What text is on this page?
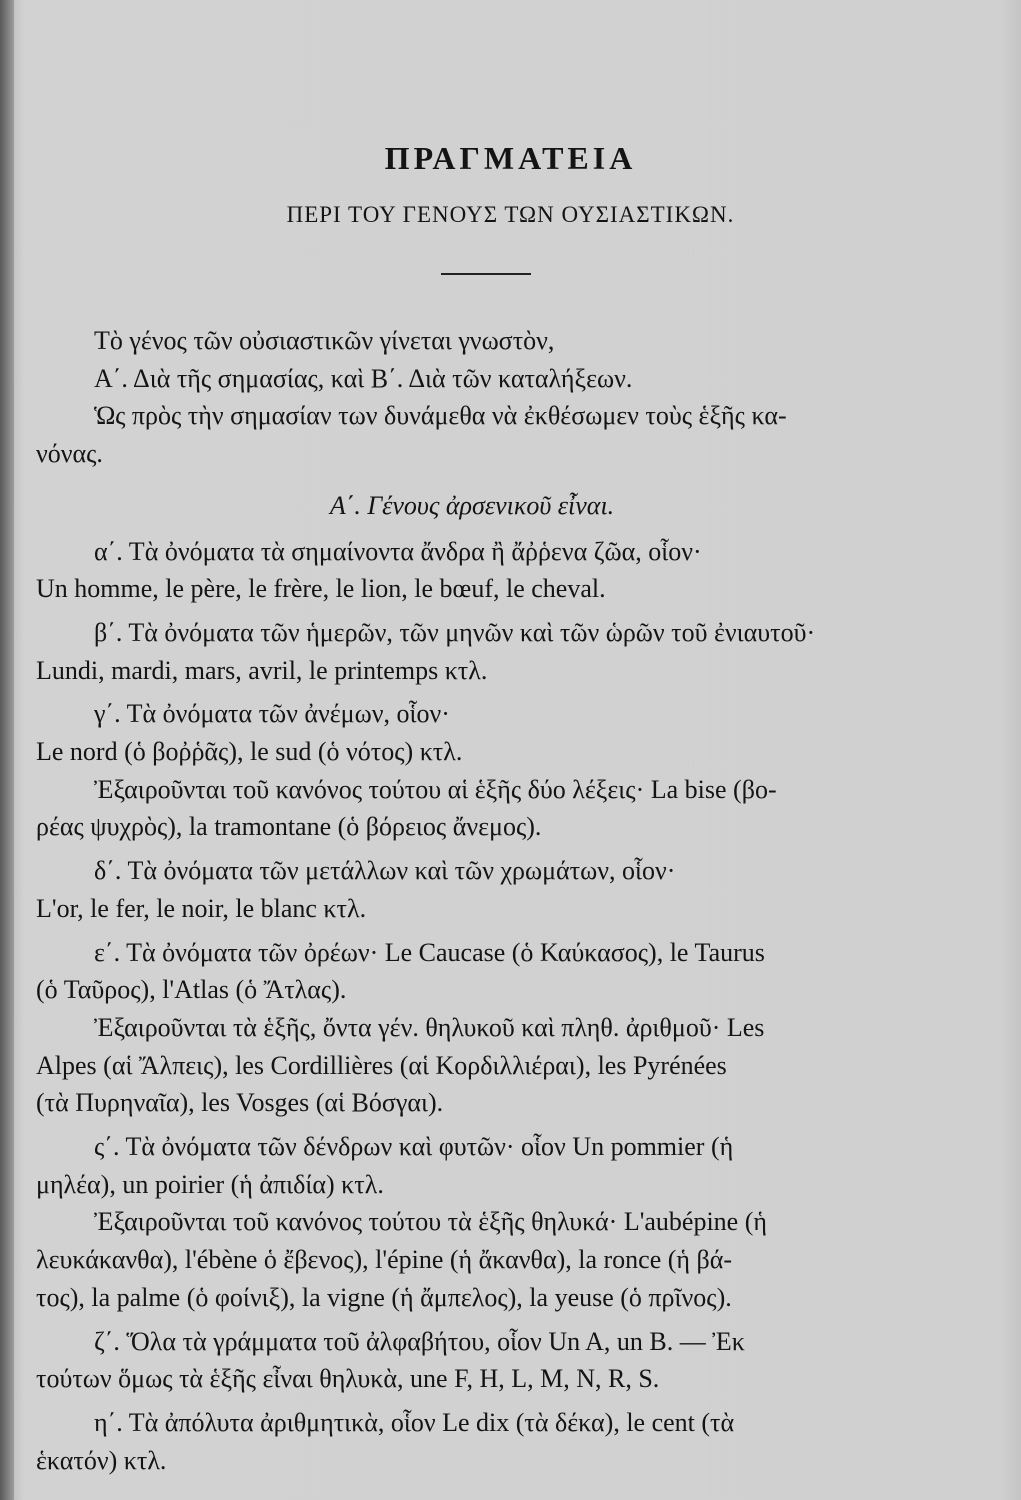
ΠΡΑΓΜΑΤΕΙΑ
ΠΕΡΙ ΤΟΥ ΓΕΝΟΥΣ ΤΩΝ ΟΥΣΙΑΣΤΙΚΩΝ.
Τὸ γένος τῶν οὐσιαστικῶν γίνεται γνωστὸν,
Α΄. Διὰ τῆς σημασίας, καὶ Β΄. Διὰ τῶν καταλήξεων.
Ὡς πρὸς τὴν σημασίαν των δυνάμεθα νὰ ἐκθέσωμεν τοὺς ἑξῆς κα-
νόνας.
Α΄. Γένους ἀρσενικοῦ εἶναι.
α΄. Τὰ ὀνόματα τὰ σημαίνοντα ἄνδρα ἢ ἄῤῥενα ζῶα, οἷον·
Un homme, le père, le frère, le lion, le bœuf, le cheval.
β΄. Τὰ ὀνόματα τῶν ἡμερῶν, τῶν μηνῶν καὶ τῶν ὡρῶν τοῦ ἐνιαυτοῦ·
Lundi, mardi, mars, avril, le printemps κτλ.
γ΄. Τὰ ὀνόματα τῶν ἀνέμων, οἷον·
Le nord (ὁ βοῤῥᾶς), le sud (ὁ νότος) κτλ.
Ἐξαιροῦνται τοῦ κανόνος τούτου αἱ ἑξῆς δύο λέξεις· La bise (βο-
ρέας ψυχρὸς), la tramontane (ὁ βόρειος ἄνεμος).
δ΄. Τὰ ὀνόματα τῶν μετάλλων καὶ τῶν χρωμάτων, οἷον·
L'or, le fer, le noir, le blanc κτλ.
ε΄. Τὰ ὀνόματα τῶν ὀρέων· Le Caucase (ὁ Καύκασος), le Taurus
(ὁ Ταῦρος), l'Atlas (ὁ Ἄτλας).
Ἐξαιροῦνται τὰ ἑξῆς, ὄντα γέν. θηλυκοῦ καὶ πληθ. ἀριθμοῦ· Les
Alpes (αἱ Ἄλπεις), les Cordillières (αἱ Κορδιλλιέραι), les Pyrénées
(τὰ Πυρηναῖα), les Vosges (αἱ Βόσγαι).
ς΄. Τὰ ὀνόματα τῶν δένδρων καὶ φυτῶν· οἷον Un pommier (ἡ
μηλέα), un poirier (ἡ ἀπιδία) κτλ.
Ἐξαιροῦνται τοῦ κανόνος τούτου τὰ ἑξῆς θηλυκά· L'aubépine (ἡ
λευκάκανθα), l'ébène ὁ ἔβενος), l'épine (ἡ ἄκανθα), la ronce (ἡ βά-
τος), la palme (ὁ φοίνιξ), la vigne (ἡ ἄμπελος), la yeuse (ὁ πρῖνος).
ζ΄. Ὅλα τὰ γράμματα τοῦ ἀλφαβήτου, οἷον Un A, un B. — Ἐκ
τούτων ὅμως τὰ ἑξῆς εἶναι θηλυκὰ, une F, H, L, M, N, R, S.
η΄. Τὰ ἀπόλυτα ἀριθμητικὰ, οἷον Le dix (τὰ δέκα), le cent (τὰ
ἑκατόν) κτλ.
